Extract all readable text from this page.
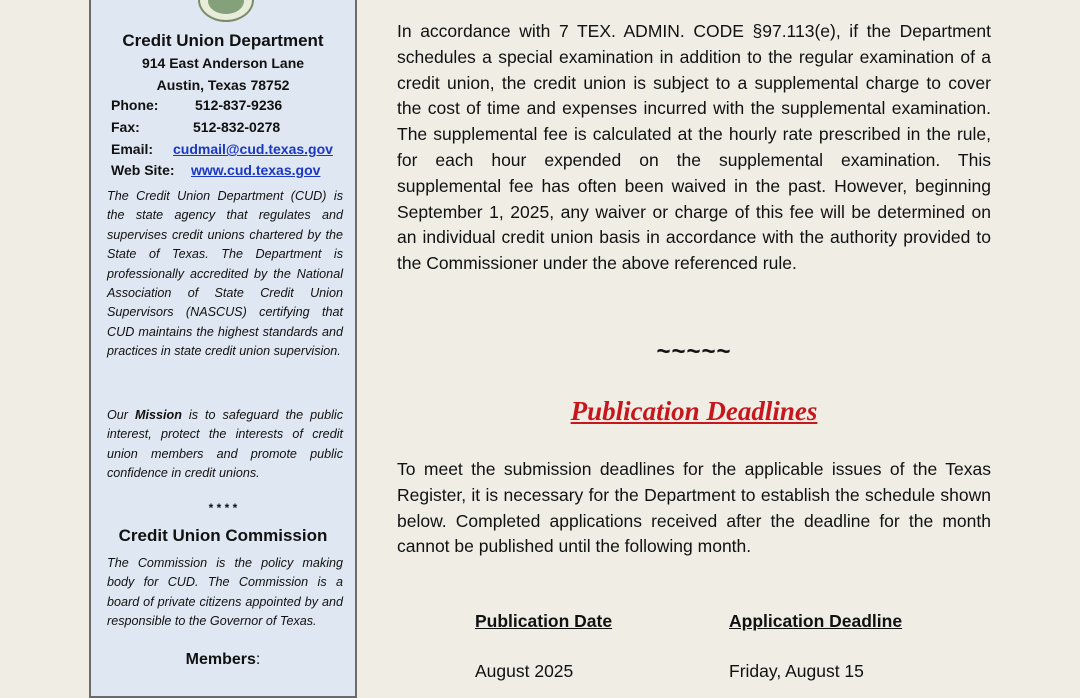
Credit Union Department
914 East Anderson Lane
Austin, Texas 78752
Phone:	512-837-9236
Fax:	512-832-0278
Email: cudmail@cud.texas.gov
Web Site: www.cud.texas.gov
The Credit Union Department (CUD) is the state agency that regulates and supervises credit unions chartered by the State of Texas. The Department is professionally accredited by the National Association of State Credit Union Supervisors (NASCUS) certifying that CUD maintains the highest standards and practices in state credit union supervision.
Our Mission is to safeguard the public interest, protect the interests of credit union members and promote public confidence in credit unions.
* * * *
Credit Union Commission
The Commission is the policy making body for CUD. The Commission is a board of private citizens appointed by and responsible to the Governor of Texas.
Members:
In accordance with 7 TEX. ADMIN. CODE §97.113(e), if the Department schedules a special examination in addition to the regular examination of a credit union, the credit union is subject to a supplemental charge to cover the cost of time and expenses incurred with the supplemental examination. The supplemental fee is calculated at the hourly rate prescribed in the rule, for each hour expended on the supplemental examination. This supplemental fee has often been waived in the past. However, beginning September 1, 2025, any waiver or charge of this fee will be determined on an individual credit union basis in accordance with the authority provided to the Commissioner under the above referenced rule.
~~~~~
Publication Deadlines
To meet the submission deadlines for the applicable issues of the Texas Register, it is necessary for the Department to establish the schedule shown below. Completed applications received after the deadline for the month cannot be published until the following month.
Publication Date	Application Deadline
August 2025	Friday, August 15
